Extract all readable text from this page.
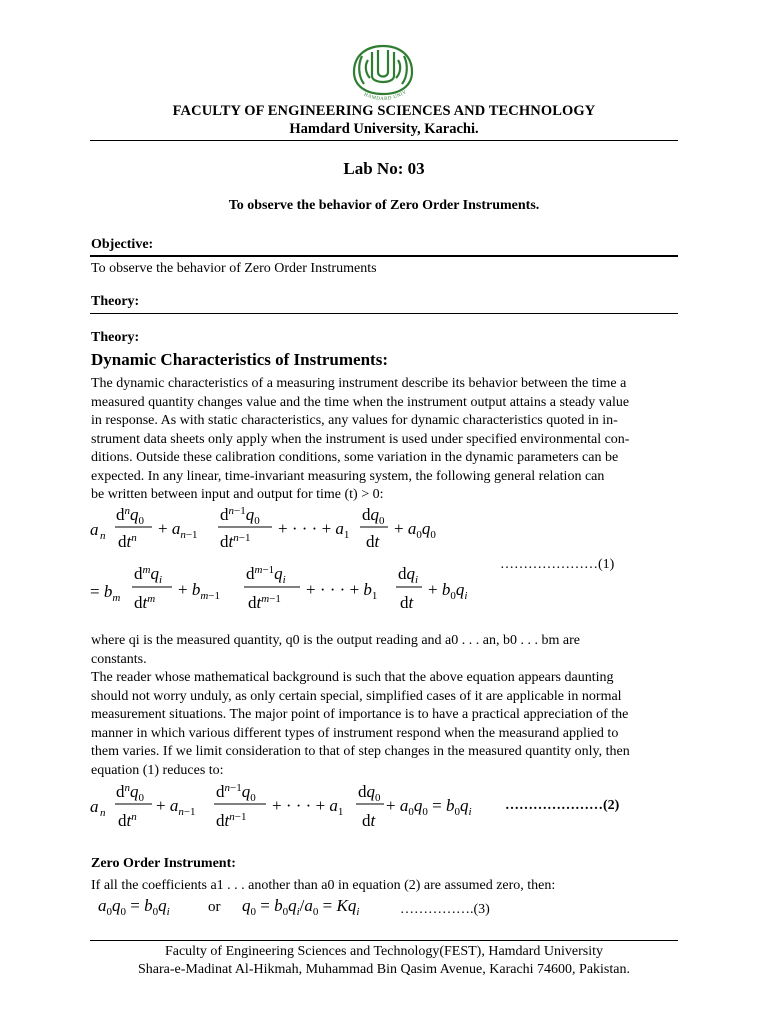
HAMDARD UNIV
FACULTY OF ENGINEERING SCIENCES AND TECHNOLOGY
Hamdard University, Karachi.
Lab No: 03
To observe the behavior of Zero Order Instruments.
Objective:
To observe the behavior of Zero Order Instruments
Theory:
Theory:
Dynamic Characteristics of Instruments:
The dynamic characteristics of a measuring instrument describe its behavior between the time a
measured quantity changes value and the time when the instrument output attains a steady value
in response. As with static characteristics, any values for dynamic characteristics quoted in in-
strument data sheets only apply when the instrument is used under specified environmental con-
ditions. Outside these calibration conditions, some variation in the dynamic parameters can be
expected. In any linear, time-invariant measuring system, the following general relation can
be written between input and output for time (t) > 0:
a n
$d^nq_0$
$dt^n + a_n-1$
$d^n-1q_0$
$dt^n-1$ + · · · + $a_1$
$dq_0$
dt
+ $a_0q_0$
= $b_m$
$d^mq_i$
$dt^m + b_m-1$
$d^m-1q_i$
$dt^m-1$ + · · · + $b_1$
$dq_i$
dt
+ $b_0q_i$
…………………(1)
where qi is the measured quantity, q0 is the output reading and a0 . . . an, b0 . . . bm are
constants.
The reader whose mathematical background is such that the above equation appears daunting
should not worry unduly, as only certain special, simplified cases of it are applicable in normal
measurement situations. The major point of importance is to have a practical appreciation of the
manner in which various different types of instrument respond when the measurand applied to
them varies. If we limit consideration to that of step changes in the measured quantity only, then
equation (1) reduces to:
a n
$d^nq_0$
$dt^n$
+ $a_n-1$
$d^n-1q_0$
$dt^n-1$
+ · · · + $a_1$
$dq_0$
dt
+ $a_0q_0 = b_0q_i$ …………………(2)
Zero Order Instrument:
If all the coefficients a1 . . . another than a0 in equation (2) are assumed zero, then:
$a_0q_0 = b_0q_i$	or $q_0 = b_0q_i/a_0 = Kq_i$	…………….(3)
Faculty of Engineering Sciences and Technology(FEST), Hamdard University
Shara-e-Madinat Al-Hikmah, Muhammad Bin Qasim Avenue, Karachi 74600, Pakistan.
